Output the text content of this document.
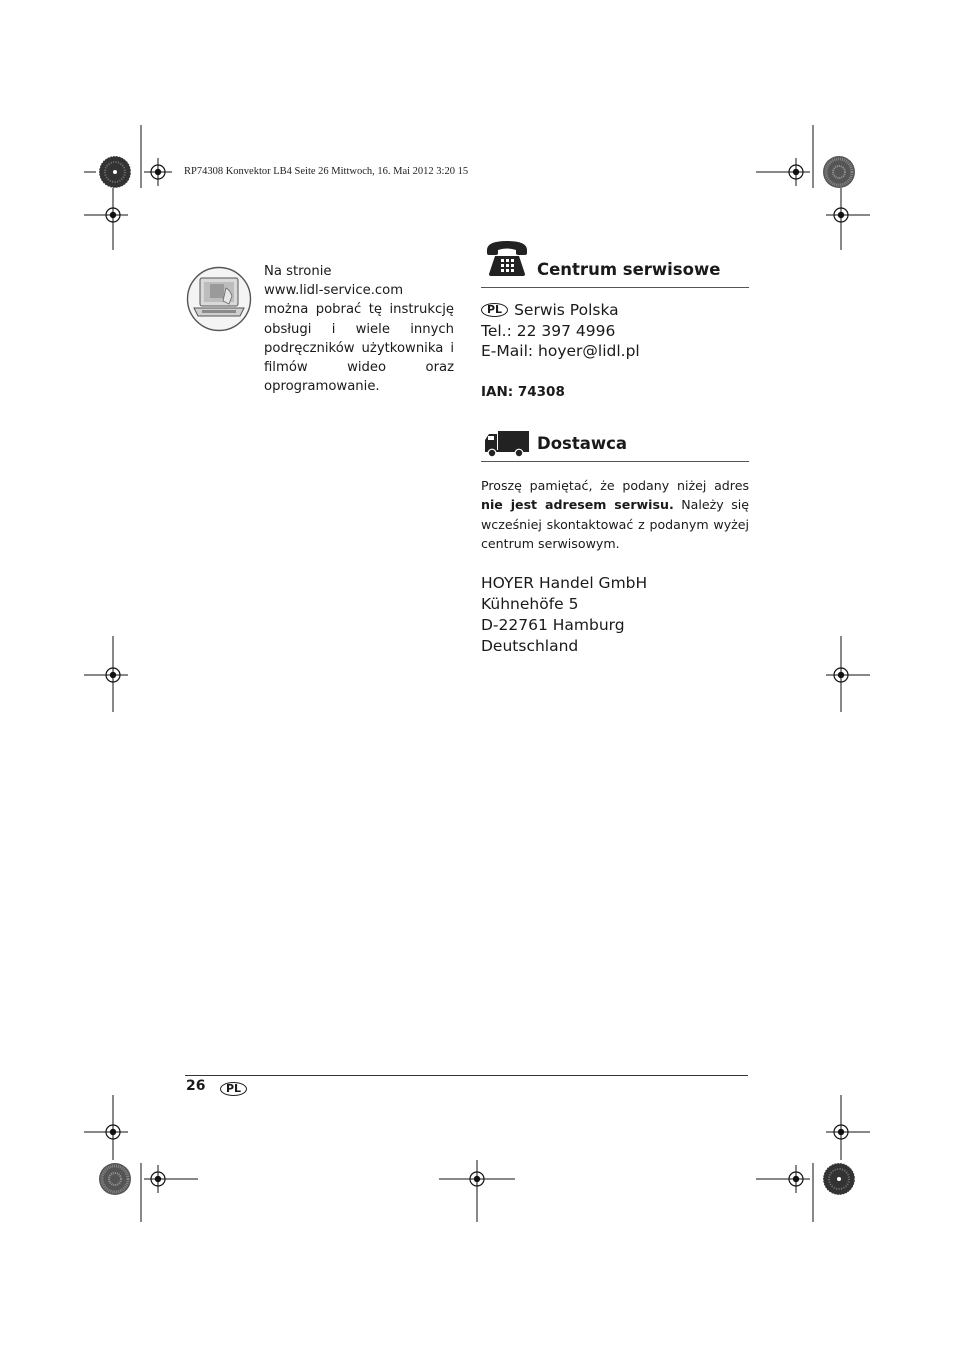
RP74308 Konvektor LB4 Seite 26 Mittwoch, 16. Mai 2012 3:20 15
Na stronie
www.lidl-service.com
można pobrać tę instrukcję
obsługi i wiele innych
podręczników użytkownika i
filmów wideo oraz
oprogramowanie.
Centrum serwisowe
PL Serwis Polska
Tel.: 22 397 4996
E-Mail: hoyer@lidl.pl
IAN: 74308
Dostawca
Proszę pamiętać, że podany niżej adres
nie jest adresem serwisu. Należy się
wcześniej skontaktować z podanym wyżej
centrum serwisowym.
HOYER Handel GmbH
Kühnehöfe 5
D-22761 Hamburg
Deutschland
26	PL
